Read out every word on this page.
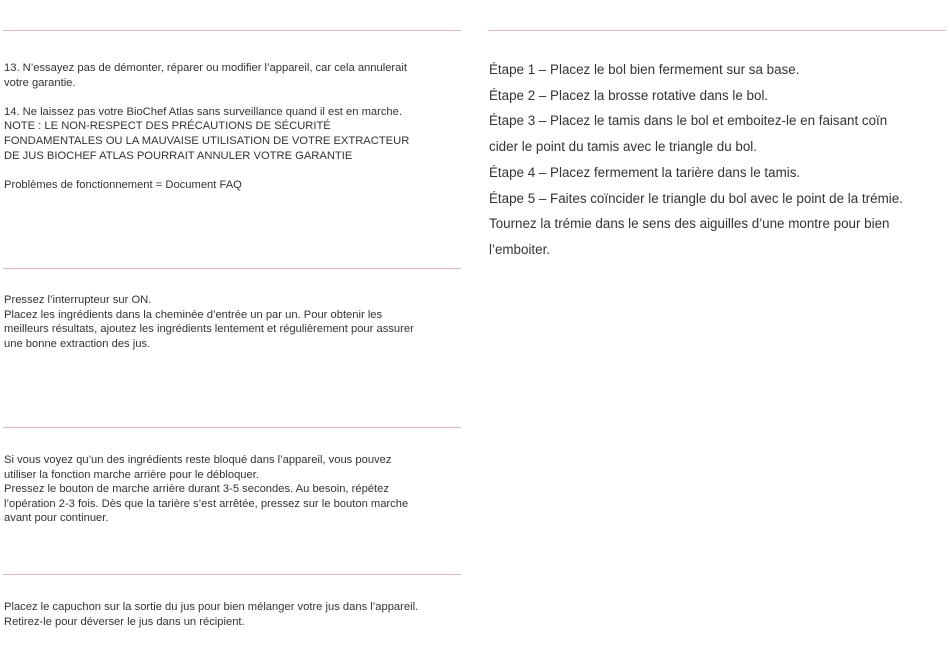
13. N’essayez pas de démonter, réparer ou modifier l’appareil, car cela annulerait
votre garantie.

14. Ne laissez pas votre BioChef Atlas sans surveillance quand il est en marche.
NOTE : LE NON-RESPECT DES PRÉCAUTIONS DE SÉCURITÉ
FONDAMENTALES OU LA MAUVAISE UTILISATION DE VOTRE EXTRACTEUR
DE JUS BIOCHEF ATLAS POURRAIT ANNULER VOTRE GARANTIE

Problèmes de fonctionnement = Document FAQ

Pressez l’interrupteur sur ON.
Placez les ingrédients dans la cheminée d’entrée un par un. Pour obtenir les
meilleurs résultats, ajoutez les ingrédients lentement et régulièrement pour assurer
une bonne extraction des jus.

Si vous voyez qu’un des ingrédients reste bloqué dans l’appareil, vous pouvez
utiliser la fonction marche arrière pour le débloquer.
Pressez le bouton de marche arrière durant 3-5 secondes. Au besoin, répétez
l’opération 2-3 fois. Dès que la tarière s’est arrêtée, pressez sur le bouton marche
avant pour continuer.

Placez le capuchon sur la sortie du jus pour bien mélanger votre jus dans l’appareil.
Retirez-le pour déverser le jus dans un récipient.

Étape 1 – Placez le bol bien fermement sur sa base.

Étape 2 – Placez la brosse rotative dans le bol.

Étape 3 – Placez le tamis dans le bol et emboitez-le en faisant coïn

cider le point du tamis avec le triangle du bol.

Étape 4 – Placez fermement la tarière dans le tamis.

Étape 5 – Faites coïncider le triangle du bol avec le point de la trémie.

Tournez la trémie dans le sens des aiguilles d’une montre pour bien

l’emboiter.
